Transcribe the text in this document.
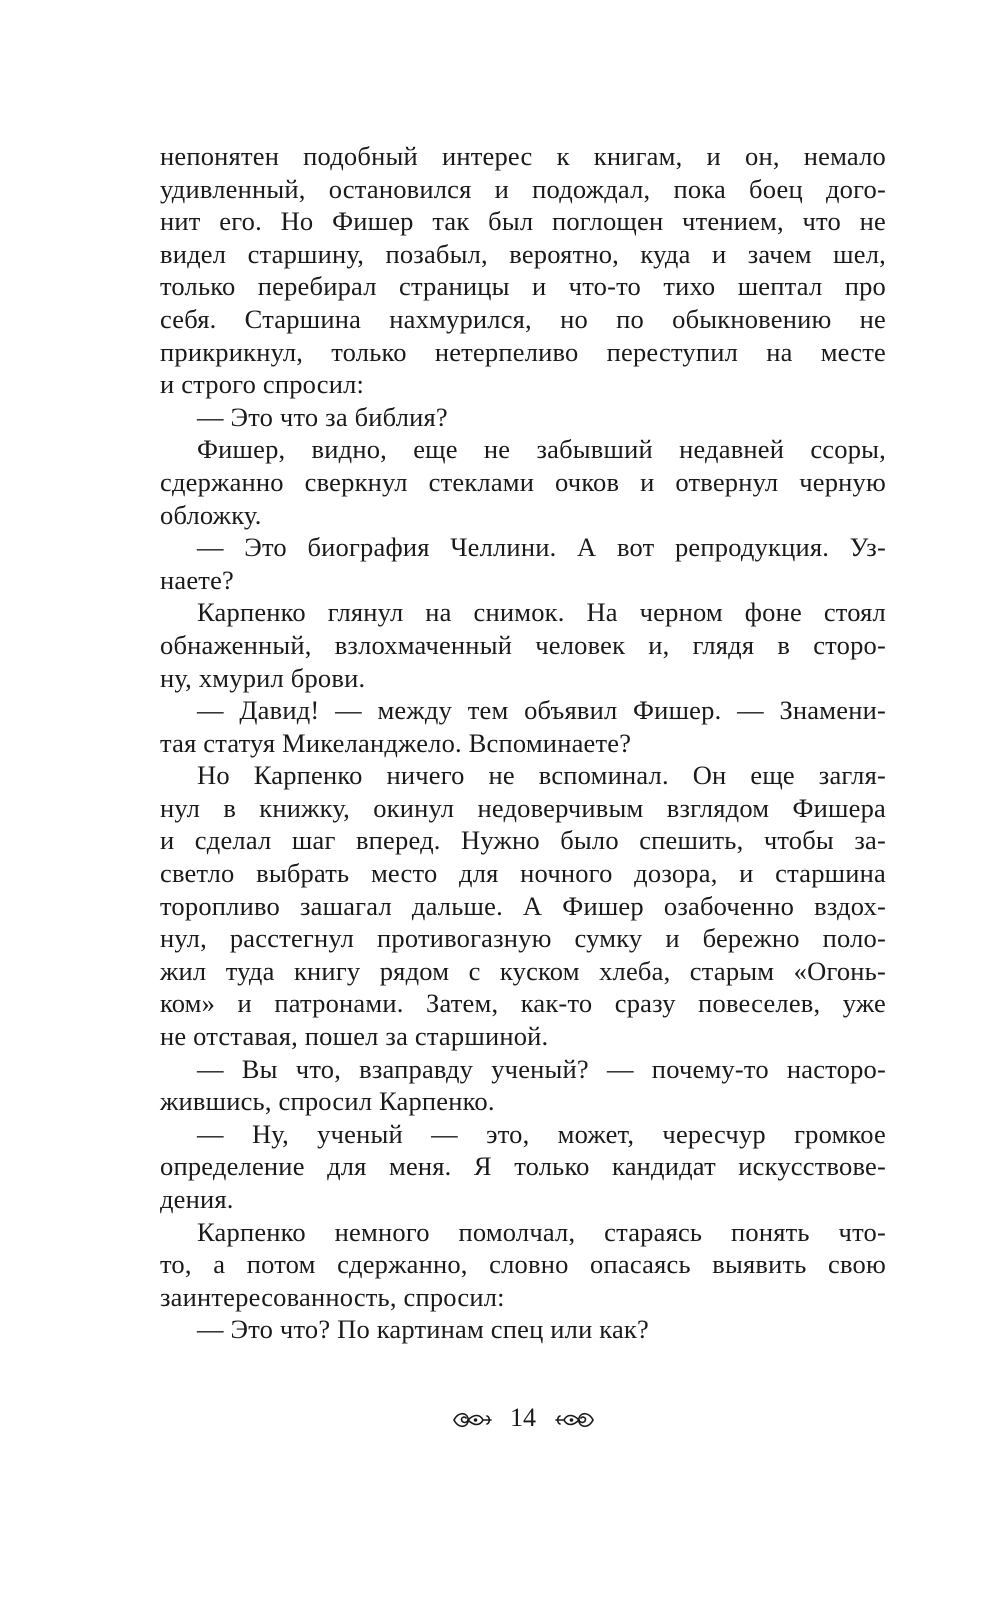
непонятен подобный интерес к книгам, и он, немало
удивленный, остановился и подождал, пока боец дого-
нит его. Но Фишер так был поглощен чтением, что не
видел старшину, позабыл, вероятно, куда и зачем шел,
только перебирал страницы и что-то тихо шептал про
себя. Старшина нахмурился, но по обыкновению не
прикрикнул, только нетерпеливо переступил на месте
и строго спросил:
— Это что за библия?
Фишер, видно, еще не забывший недавней ссоры,
сдержанно сверкнул стеклами очков и отвернул черную
обложку.
— Это биография Челлини. А вот репродукция. Уз-
наете?
Карпенко глянул на снимок. На черном фоне стоял
обнаженный, взлохмаченный человек и, глядя в сторо-
ну, хмурил брови.
— Давид! — между тем объявил Фишер. — Знамени-
тая статуя Микеланджело. Вспоминаете?
Но Карпенко ничего не вспоминал. Он еще загля-
нул в книжку, окинул недоверчивым взглядом Фишера
и сделал шаг вперед. Нужно было спешить, чтобы за-
светло выбрать место для ночного дозора, и старшина
торопливо зашагал дальше. А Фишер озабоченно вздох-
нул, расстегнул противогазную сумку и бережно поло-
жил туда книгу рядом с куском хлеба, старым «Огонь-
ком» и патронами. Затем, как-то сразу повеселев, уже
не отставая, пошел за старшиной.
— Вы что, взаправду ученый? — почему-то насторо-
жившись, спросил Карпенко.
— Ну, ученый — это, может, чересчур громкое
определение для меня. Я только кандидат искусствове-
дения.
Карпенко немного помолчал, стараясь понять что-
то, а потом сдержанно, словно опасаясь выявить свою
заинтересованность, спросил:
— Это что? По картинам спец или как?
14
